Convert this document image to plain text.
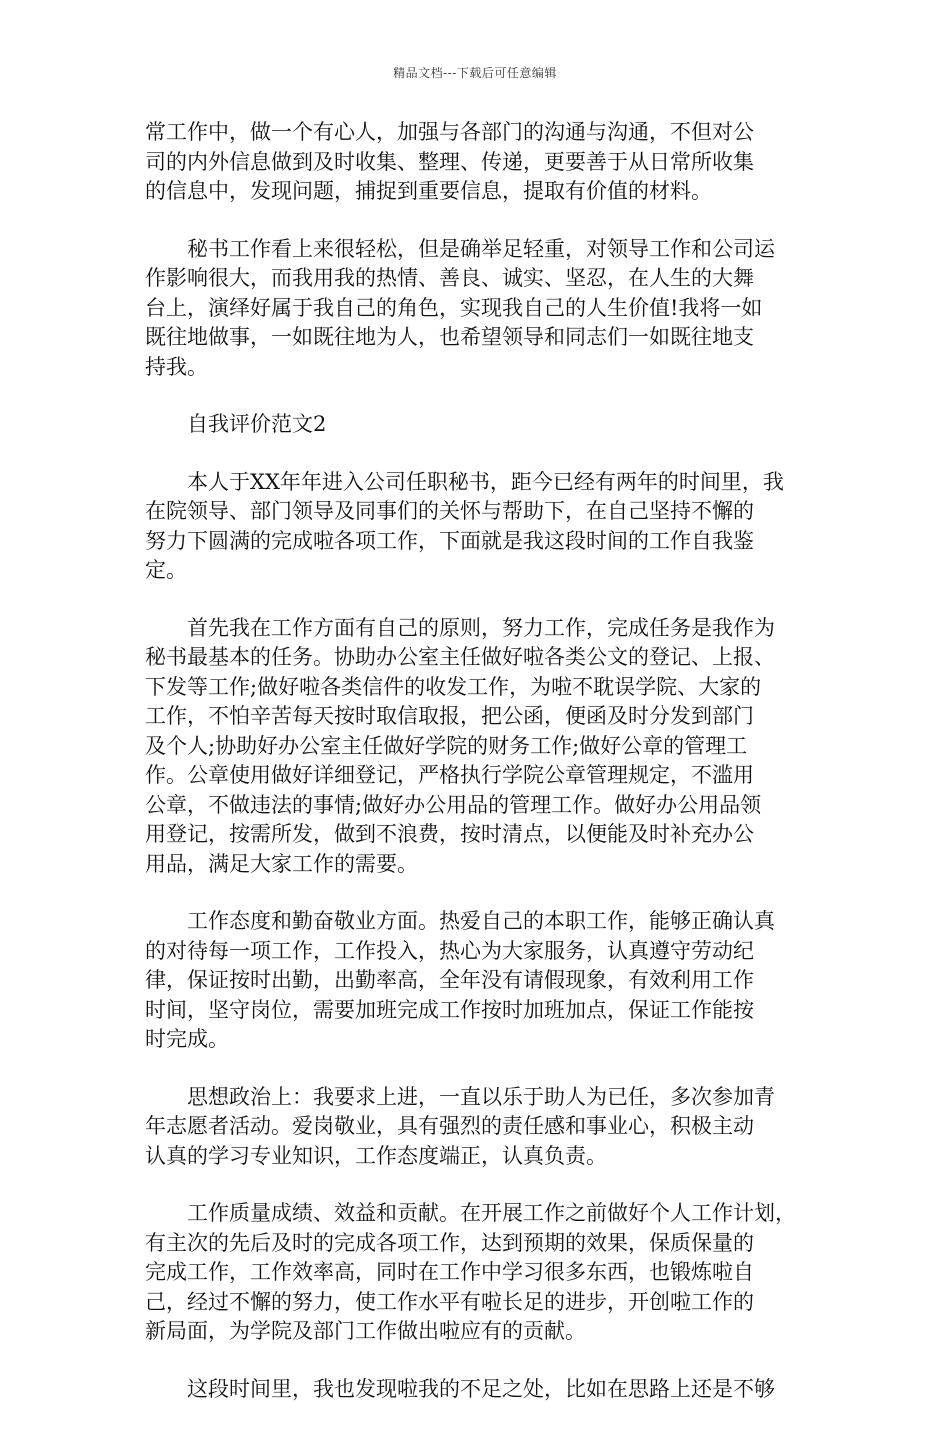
精品文档---下载后可任意编辑
常工作中，做一个有心人，加强与各部门的沟通与沟通，不但对公
司的内外信息做到及时收集、整理、传递，更要善于从日常所收集
的信息中，发现问题，捕捉到重要信息，提取有价值的材料。
　　秘书工作看上来很轻松，但是确举足轻重，对领导工作和公司运
作影响很大，而我用我的热情、善良、诚实、坚忍，在人生的大舞
台上，演绎好属于我自己的角色，实现我自己的人生价值!我将一如
既往地做事，一如既往地为人，也希望领导和同志们一如既往地支
持我。
　　自我评价范文2
　　本人于XX年年进入公司任职秘书，距今已经有两年的时间里，我
在院领导、部门领导及同事们的关怀与帮助下，在自己坚持不懈的
努力下圆满的完成啦各项工作，下面就是我这段时间的工作自我鉴
定。
　　首先我在工作方面有自己的原则，努力工作，完成任务是我作为
秘书最基本的任务。协助办公室主任做好啦各类公文的登记、上报、
下发等工作;做好啦各类信件的收发工作，为啦不耽误学院、大家的
工作，不怕辛苦每天按时取信取报，把公函，便函及时分发到部门
及个人;协助好办公室主任做好学院的财务工作;做好公章的管理工
作。公章使用做好详细登记，严格执行学院公章管理规定，不滥用
公章，不做违法的事情;做好办公用品的管理工作。做好办公用品领
用登记，按需所发，做到不浪费，按时清点，以便能及时补充办公
用品，满足大家工作的需要。
　　工作态度和勤奋敬业方面。热爱自己的本职工作，能够正确认真
的对待每一项工作，工作投入，热心为大家服务，认真遵守劳动纪
律，保证按时出勤，出勤率高，全年没有请假现象，有效利用工作
时间，坚守岗位，需要加班完成工作按时加班加点，保证工作能按
时完成。
　　思想政治上：我要求上进，一直以乐于助人为已任，多次参加青
年志愿者活动。爱岗敬业，具有强烈的责任感和事业心，积极主动
认真的学习专业知识，工作态度端正，认真负责。
　　工作质量成绩、效益和贡献。在开展工作之前做好个人工作计划，
有主次的先后及时的完成各项工作，达到预期的效果，保质保量的
完成工作，工作效率高，同时在工作中学习很多东西，也锻炼啦自
己，经过不懈的努力，使工作水平有啦长足的进步，开创啦工作的
新局面，为学院及部门工作做出啦应有的贡献。
　　这段时间里，我也发现啦我的不足之处，比如在思路上还是不够
